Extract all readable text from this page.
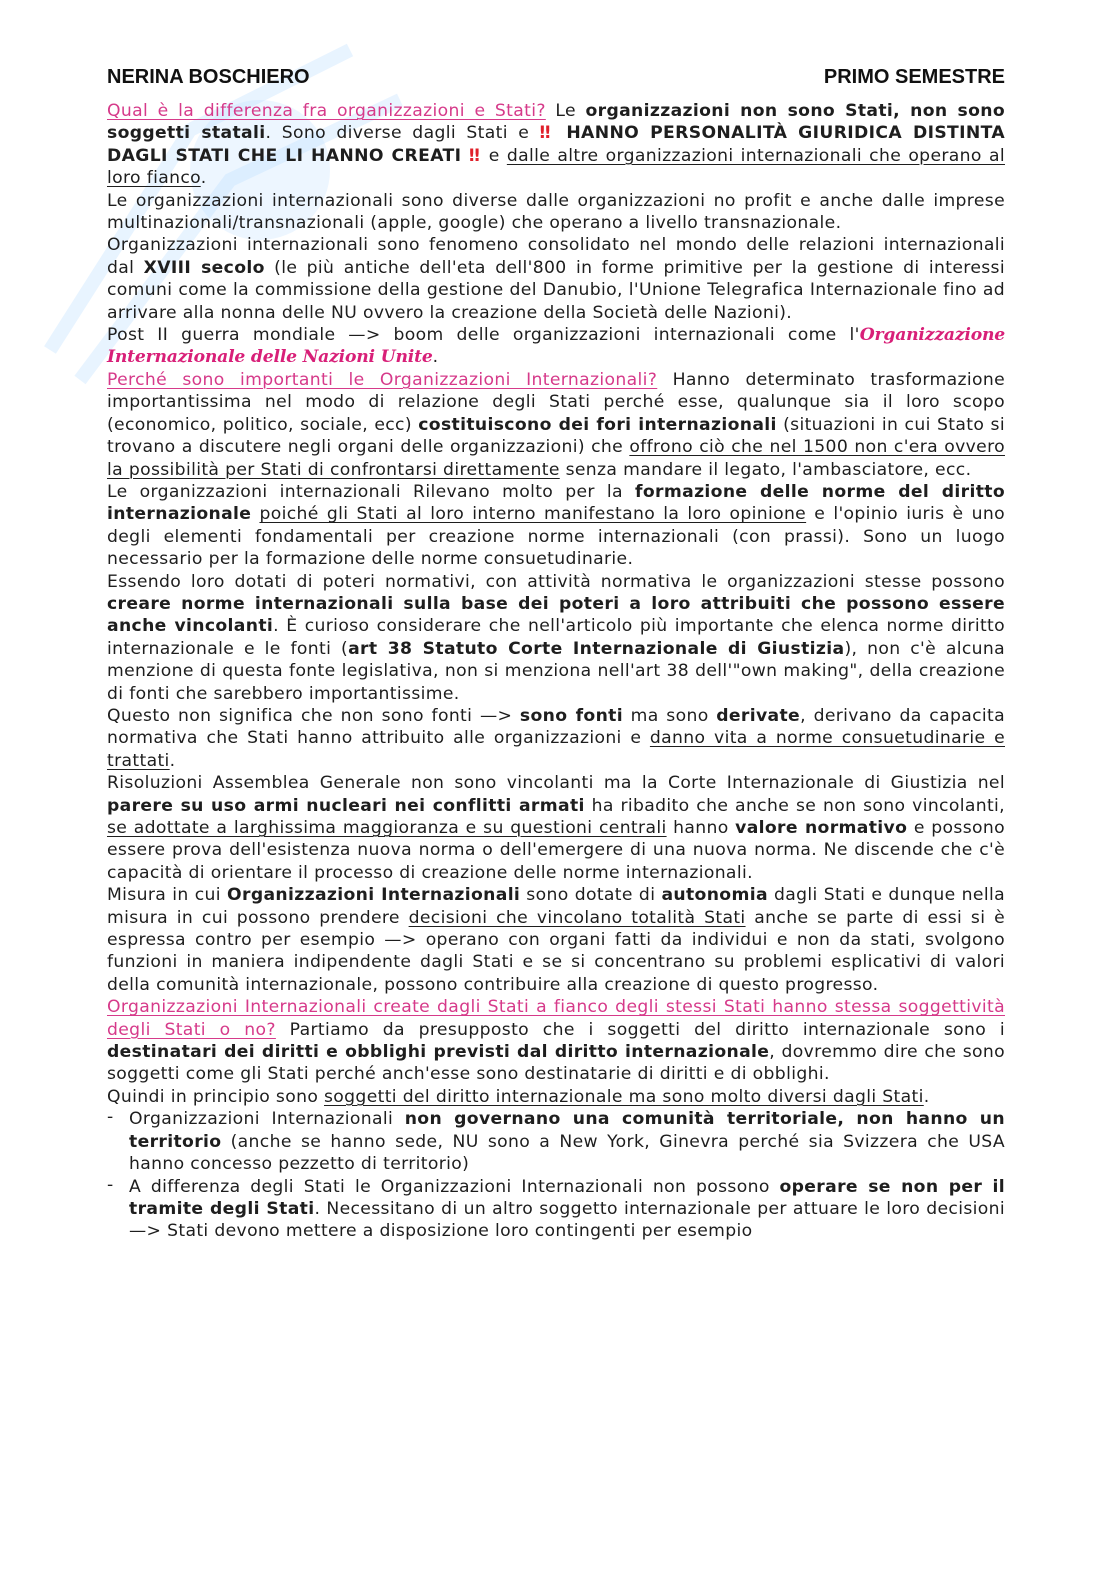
NERINA BOSCHIERO	PRIMO SEMESTRE

Qual è la differenza fra organizzazioni e Stati? Le organizzazioni non sono Stati, non sono soggetti statali. Sono diverse dagli Stati e ‼ HANNO PERSONALITÀ GIURIDICA DISTINTA DAGLI STATI CHE LI HANNO CREATI ‼ e dalle altre organizzazioni internazionali che operano al loro fianco.

Le organizzazioni internazionali sono diverse dalle organizzazioni no profit e anche dalle imprese multinazionali/transnazionali (apple, google) che operano a livello transnazionale.

Organizzazioni internazionali sono fenomeno consolidato nel mondo delle relazioni internazionali dal XVIII secolo (le più antiche dell'eta dell'800 in forme primitive per la gestione di interessi comuni come la commissione della gestione del Danubio, l'Unione Telegrafica Internazionale fino ad arrivare alla nonna delle NU ovvero la creazione della Società delle Nazioni).

Post II guerra mondiale —> boom delle organizzazioni internazionali come l'Organizzazione Internazionale delle Nazioni Unite.

Perché sono importanti le Organizzazioni Internazionali? Hanno determinato trasformazione importantissima nel modo di relazione degli Stati perché esse, qualunque sia il loro scopo (economico, politico, sociale, ecc) costituiscono dei fori internazionali (situazioni in cui Stato si trovano a discutere negli organi delle organizzazioni) che offrono ciò che nel 1500 non c'era ovvero la possibilità per Stati di confrontarsi direttamente senza mandare il legato, l'ambasciatore, ecc.

Le organizzazioni internazionali Rilevano molto per la formazione delle norme del diritto internazionale poiché gli Stati al loro interno manifestano la loro opinione e l'opinio iuris è uno degli elementi fondamentali per creazione norme internazionali (con prassi). Sono un luogo necessario per la formazione delle norme consuetudinarie.

Essendo loro dotati di poteri normativi, con attività normativa le organizzazioni stesse possono creare norme internazionali sulla base dei poteri a loro attribuiti che possono essere anche vincolanti. È curioso considerare che nell'articolo più importante che elenca norme diritto internazionale e le fonti (art 38 Statuto Corte Internazionale di Giustizia), non c'è alcuna menzione di questa fonte legislativa, non si menziona nell'art 38 dell'"own making", della creazione di fonti che sarebbero importantissime.

Questo non significa che non sono fonti —> sono fonti ma sono derivate, derivano da capacita normativa che Stati hanno attribuito alle organizzazioni e danno vita a norme consuetudinarie e trattati.

Risoluzioni Assemblea Generale non sono vincolanti ma la Corte Internazionale di Giustizia nel parere su uso armi nucleari nei conflitti armati ha ribadito che anche se non sono vincolanti, se adottate a larghissima maggioranza e su questioni centrali hanno valore normativo e possono essere prova dell'esistenza nuova norma o dell'emergere di una nuova norma. Ne discende che c'è capacità di orientare il processo di creazione delle norme internazionali.

Misura in cui Organizzazioni Internazionali sono dotate di autonomia dagli Stati e dunque nella misura in cui possono prendere decisioni che vincolano totalità Stati anche se parte di essi si è espressa contro per esempio —> operano con organi fatti da individui e non da stati, svolgono funzioni in maniera indipendente dagli Stati e se si concentrano su problemi esplicativi di valori della comunità internazionale, possono contribuire alla creazione di questo progresso.

Organizzazioni Internazionali create dagli Stati a fianco degli stessi Stati hanno stessa soggettività degli Stati o no? Partiamo da presupposto che i soggetti del diritto internazionale sono i destinatari dei diritti e obblighi previsti dal diritto internazionale, dovremmo dire che sono soggetti come gli Stati perché anch'esse sono destinatarie di diritti e di obblighi.

Quindi in principio sono soggetti del diritto internazionale ma sono molto diversi dagli Stati.

- Organizzazioni Internazionali non governano una comunità territoriale, non hanno un territorio (anche se hanno sede, NU sono a New York, Ginevra perché sia Svizzera che USA hanno concesso pezzetto di territorio)
- A differenza degli Stati le Organizzazioni Internazionali non possono operare se non per il tramite degli Stati. Necessitano di un altro soggetto internazionale per attuare le loro decisioni —> Stati devono mettere a disposizione loro contingenti per esempio
